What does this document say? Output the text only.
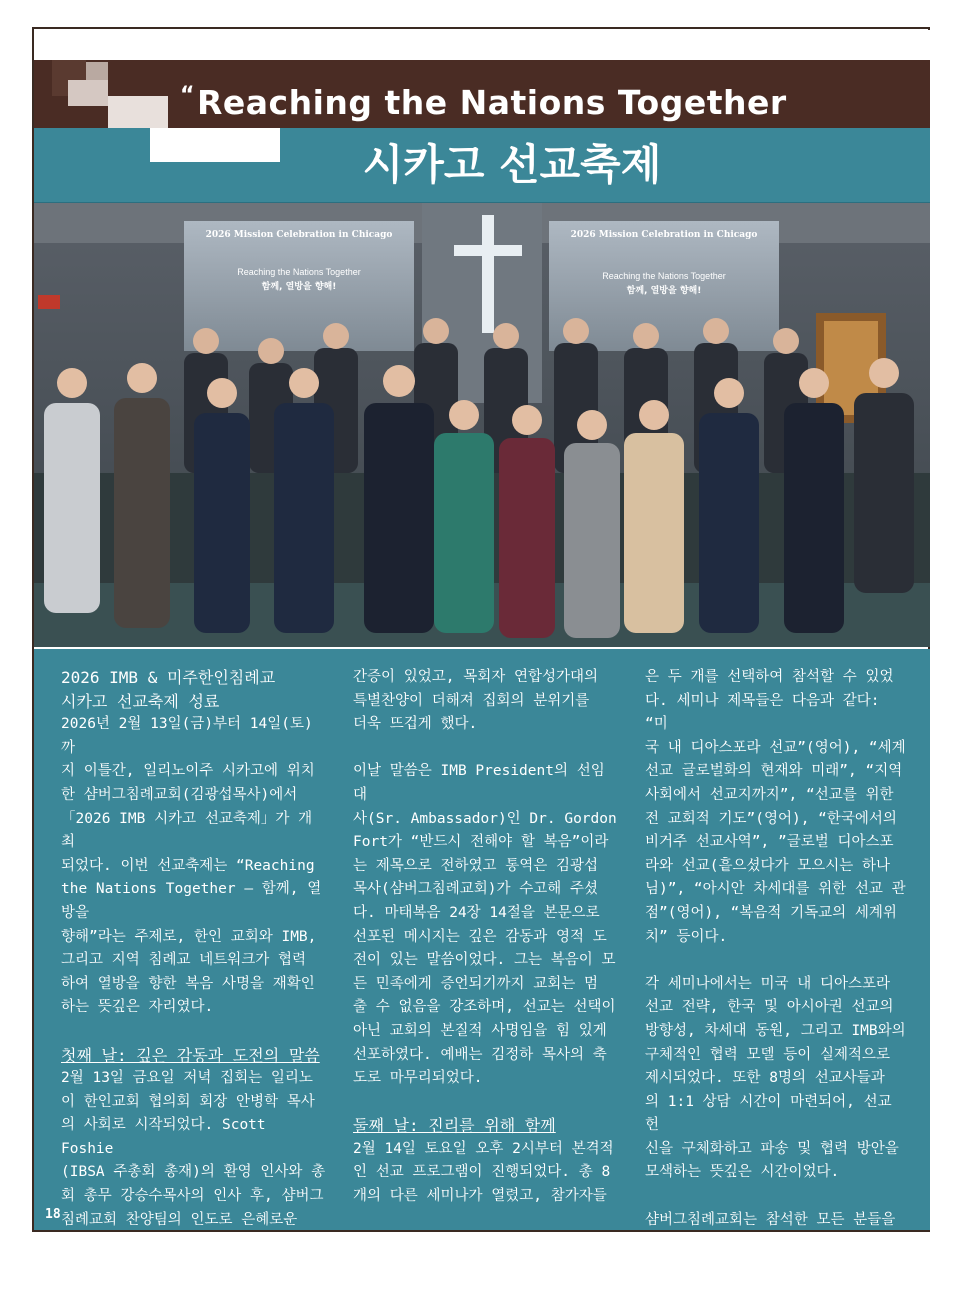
“Reaching the Nations Together
시카고 선교축제
2026 Mission Celebration in Chicago
Reaching the Nations Together
함께, 열방을 향해!
2026 Mission Celebration in Chicago
Reaching the Nations Together
함께, 열방을 향해!

2026 IMB & 미주한인침례교

시카고 선교축제 성료

2026년 2월 13일(금)부터 14일(토)까

지 이틀간, 일리노이주 시카고에 위치

한 샴버그침례교회(김광섭목사)에서

「2026 IMB 시카고 선교축제」가 개최

되었다. 이번 선교축제는 “Reaching

the Nations Together – 함께, 열방을

향해”라는 주제로, 한인 교회와 IMB,

그리고 지역 침례교 네트워크가 협력

하여 열방을 향한 복음 사명을 재확인

하는 뜻깊은 자리였다.

첫째 날: 깊은 감동과 도전의 말씀

2월 13일 금요일 저녁 집회는 일리노

이 한인교회 협의회 회장 안병학 목사

의 사회로 시작되었다. Scott Foshie

(IBSA 주총회 총재)의 환영 인사와 총

회 총무 강승수목사의 인사 후, 샴버그

침례교회 찬양팀의 인도로 은혜로운

예배가 이어졌다. IMB 영상과 함께

John Barnett, Paul Wang 선교사의

간증이 있었고, 목회자 연합성가대의

특별찬양이 더해져 집회의 분위기를

더욱 뜨겁게 했다.

이날 말씀은 IMB President의 선임대

사(Sr. Ambassador)인 Dr. Gordon

Fort가 “반드시 전해야 할 복음”이라

는 제목으로 전하였고 통역은 김광섭

목사(샴버그침례교회)가 수고해 주셨

다. 마태복음 24장 14절을 본문으로

선포된 메시지는 깊은 감동과 영적 도

전이 있는 말씀이었다. 그는 복음이 모

든 민족에게 증언되기까지 교회는 멈

출 수 없음을 강조하며, 선교는 선택이

아닌 교회의 본질적 사명임을 힘 있게

선포하였다. 예배는 김정하 목사의 축

도로 마무리되었다.

둘째 날: 진리를 위해 함께

2월 14일 토요일 오후 2시부터 본격적

인 선교 프로그램이 진행되었다. 총 8

개의 다른 세미나가 열렸고, 참가자들

은 두 개를 선택하여 참석할 수 있었

다. 세미나 제목들은 다음과 같다: “미

국 내 디아스포라 선교”(영어), “세계

선교 글로벌화의 현재와 미래”, “지역

사회에서 선교지까지”, “선교를 위한

전 교회적 기도”(영어), “한국에서의

비거주 선교사역”, ”글로벌 디아스포

라와 선교(흩으셨다가 모으시는 하나

님)”, “아시안 차세대를 위한 선교 관

점”(영어), “복음적 기독교의 세계위

치” 등이다.

각 세미나에서는 미국 내 디아스포라

선교 전략, 한국 및 아시아권 선교의

방향성, 차세대 동원, 그리고 IMB와의

구체적인 협력 모델 등이 실제적으로

제시되었다. 또한 8명의 선교사들과

의 1:1 상담 시간이 마련되어, 선교 헌

신을 구체화하고 파송 및 협력 방안을

모색하는 뜻깊은 시간이었다.

샴버그침례교회는 참석한 모든 분들을

위해 맛있는 저녁식사를 준비해 주셨

18
